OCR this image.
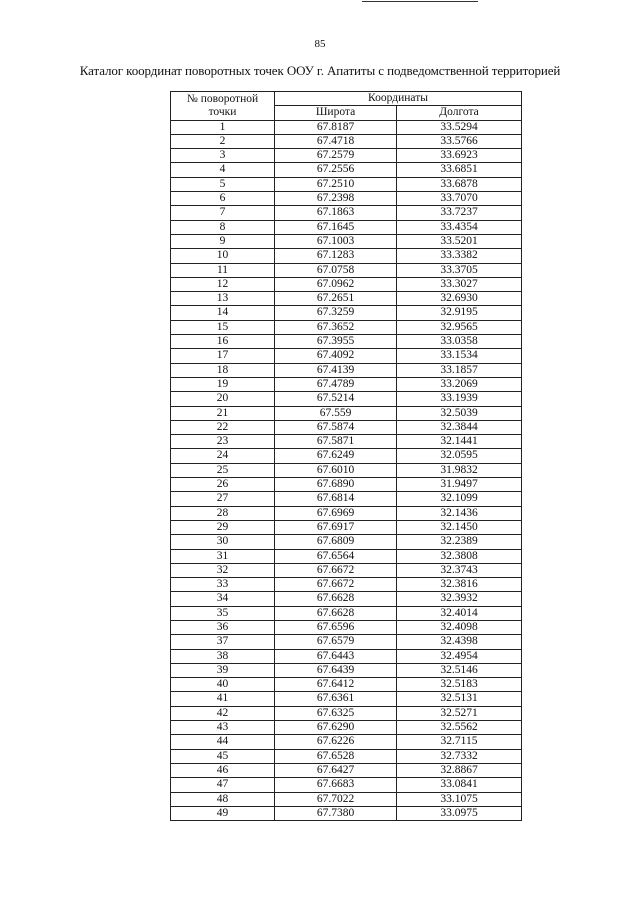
85
Каталог координат поворотных точек ООУ г. Апатиты с подведомственной территорией
№ поворотной
точки	Координаты	
	Широта	Долгота
1	67.8187	33.5294
2	67.4718	33.5766
3	67.2579	33.6923
4	67.2556	33.6851
5	67.2510	33.6878
6	67.2398	33.7070
7	67.1863	33.7237
8	67.1645	33.4354
9	67.1003	33.5201
10	67.1283	33.3382
11	67.0758	33.3705
12	67.0962	33.3027
13	67.2651	32.6930
14	67.3259	32.9195
15	67.3652	32.9565
16	67.3955	33.0358
17	67.4092	33.1534
18	67.4139	33.1857
19	67.4789	33.2069
20	67.5214	33.1939
21	67.559	32.5039
22	67.5874	32.3844
23	67.5871	32.1441
24	67.6249	32.0595
25	67.6010	31.9832
26	67.6890	31.9497
27	67.6814	32.1099
28	67.6969	32.1436
29	67.6917	32.1450
30	67.6809	32.2389
31	67.6564	32.3808
32	67.6672	32.3743
33	67.6672	32.3816
34	67.6628	32.3932
35	67.6628	32.4014
36	67.6596	32.4098
37	67.6579	32.4398
38	67.6443	32.4954
39	67.6439	32.5146
40	67.6412	32.5183
41	67.6361	32.5131
42	67.6325	32.5271
43	67.6290	32.5562
44	67.6226	32.7115
45	67.6528	32.7332
46	67.6427	32.8867
47	67.6683	33.0841
48	67.7022	33.1075
49	67.7380	33.0975
